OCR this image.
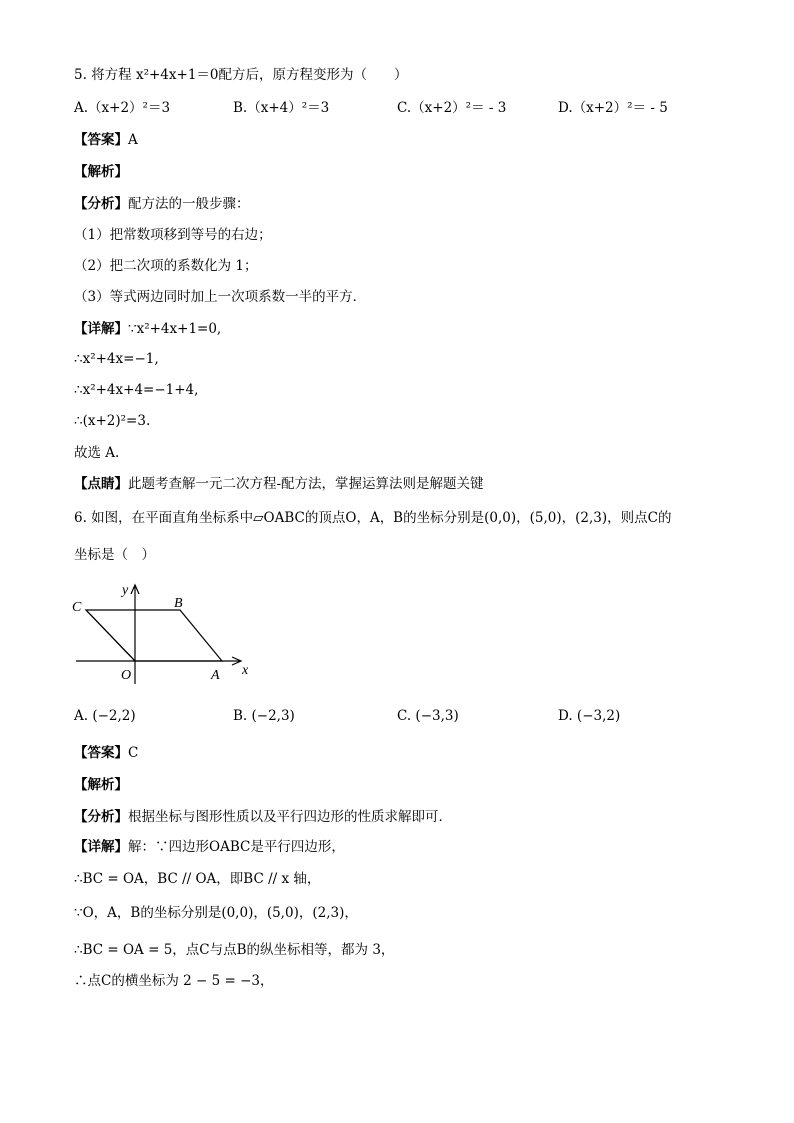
5. 将方程 x²+4x+1＝0配方后，原方程变形为（　　）
A.（x+2）²＝3	B.（x+4）²＝3	C.（x+2）²＝ - 3	D.（x+2）²＝ - 5
【答案】A
【解析】
【分析】配方法的一般步骤：
（1）把常数项移到等号的右边；
（2）把二次项的系数化为 1；
（3）等式两边同时加上一次项系数一半的平方．
【详解】∵x²+4x+1=0,
∴x²+4x=−1,
∴x²+4x+4=−1+4,
∴(x+2)²=3.
故选 A.
【点睛】此题考查解一元二次方程-配方法，掌握运算法则是解题关键
6. 如图，在平面直角坐标系中▱OABC的顶点O，A，B的坐标分别是(0,0)，(5,0)，(2,3)，则点C的
坐标是（　）
y
x
C	B
O	A
A. (−2,2)	B. (−2,3)	C. (−3,3)	D. (−3,2)
【答案】C
【解析】
【分析】根据坐标与图形性质以及平行四边形的性质求解即可．
【详解】解：∵四边形OABC是平行四边形，
∴BC = OA，BC // OA，即BC // x 轴，
∵O，A，B的坐标分别是(0,0)，(5,0)，(2,3)，
∴BC = OA = 5，点C与点B的纵坐标相等，都为 3，
∴点C的横坐标为 2 − 5 = −3，
